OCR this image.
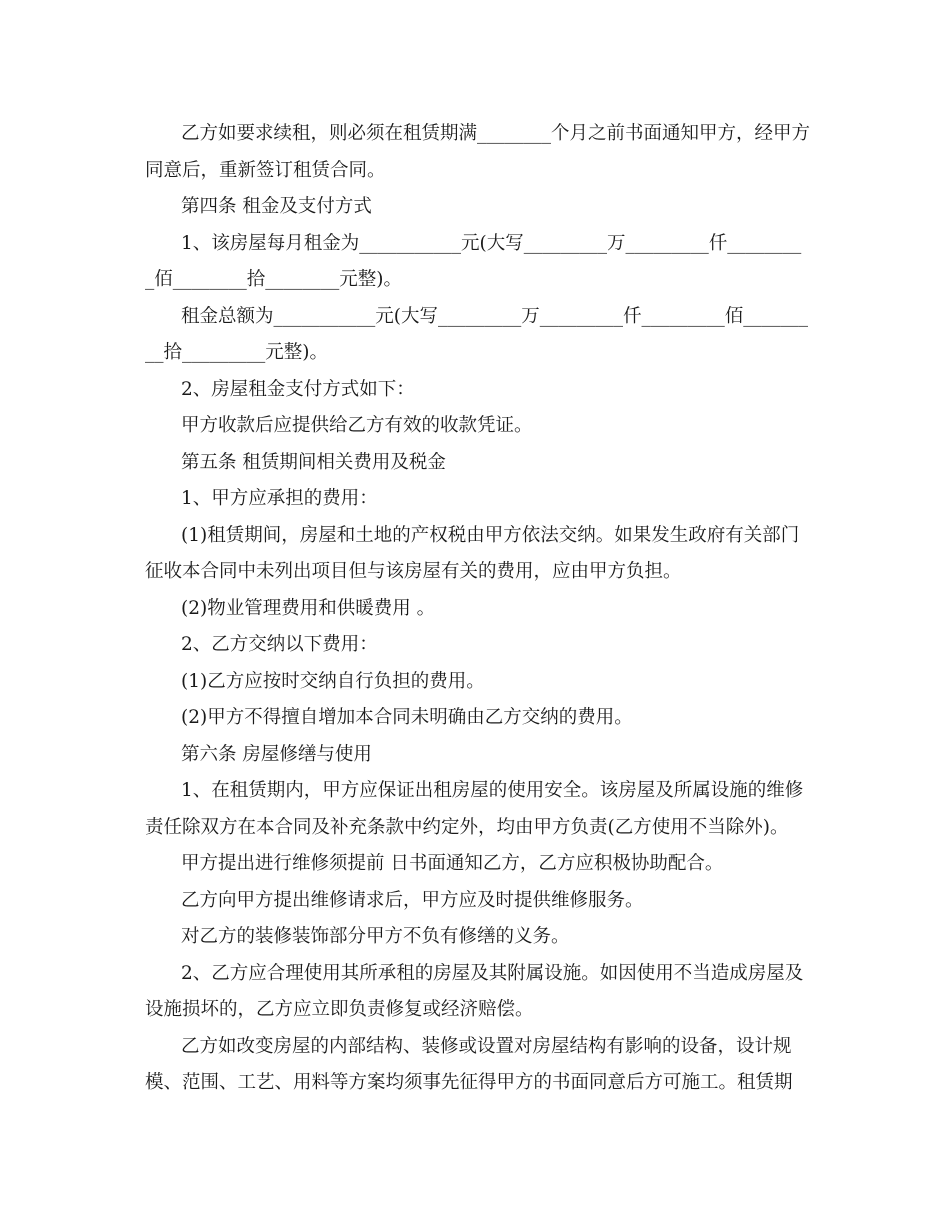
乙方如要求续租，则必须在租赁期满________个月之前书面通知甲方，经甲方同意后，重新签订租赁合同。

第四条 租金及支付方式

1、该房屋每月租金为___________元(大写_________万_________仟_________佰________拾________元整)。

租金总额为___________元(大写_________万_________仟_________佰_________拾_________元整)。

2、房屋租金支付方式如下：

甲方收款后应提供给乙方有效的收款凭证。

第五条 租赁期间相关费用及税金

1、甲方应承担的费用：

(1)租赁期间，房屋和土地的产权税由甲方依法交纳。如果发生政府有关部门征收本合同中未列出项目但与该房屋有关的费用，应由甲方负担。

(2)物业管理费用和供暖费用 。

2、乙方交纳以下费用：

(1)乙方应按时交纳自行负担的费用。

(2)甲方不得擅自增加本合同未明确由乙方交纳的费用。

第六条 房屋修缮与使用

1、在租赁期内，甲方应保证出租房屋的使用安全。该房屋及所属设施的维修责任除双方在本合同及补充条款中约定外，均由甲方负责(乙方使用不当除外)。

甲方提出进行维修须提前 日书面通知乙方，乙方应积极协助配合。

乙方向甲方提出维修请求后，甲方应及时提供维修服务。

对乙方的装修装饰部分甲方不负有修缮的义务。

2、乙方应合理使用其所承租的房屋及其附属设施。如因使用不当造成房屋及设施损坏的，乙方应立即负责修复或经济赔偿。

乙方如改变房屋的内部结构、装修或设置对房屋结构有影响的设备，设计规模、范围、工艺、用料等方案均须事先征得甲方的书面同意后方可施工。租赁期
